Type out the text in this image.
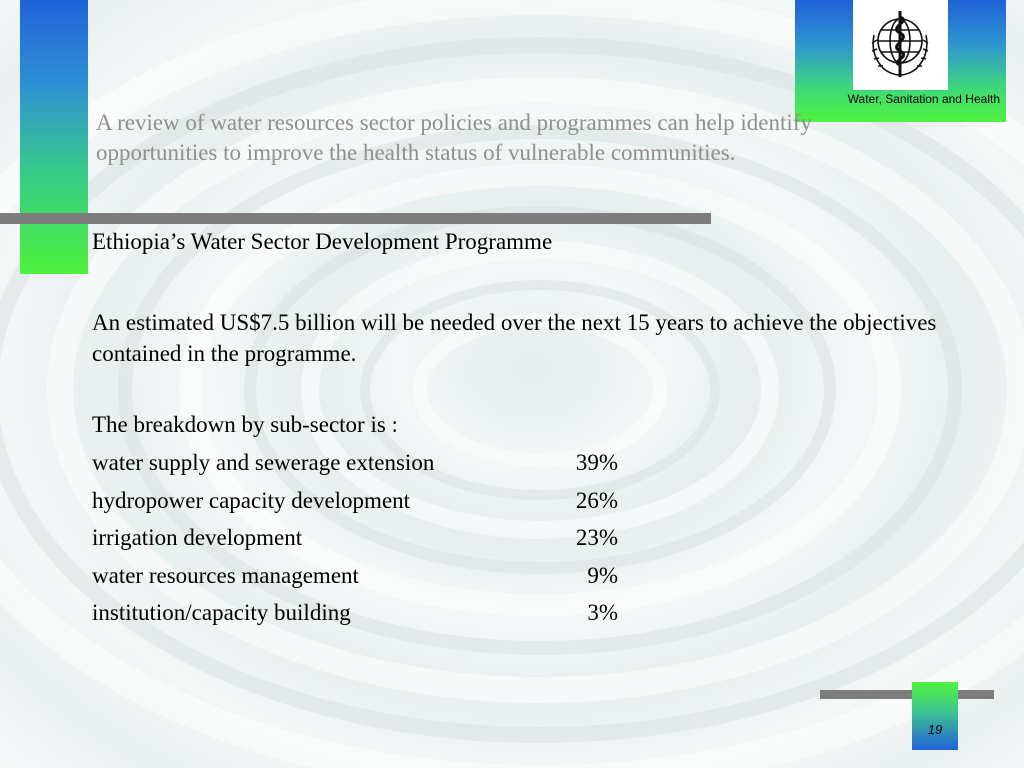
Water, Sanitation and Health
A review of water resources sector policies and programmes can help identify opportunities to improve the health status of vulnerable communities.
Ethiopia’s Water Sector Development Programme
An estimated US$7.5 billion will be needed over the next 15 years to achieve the objectives contained in the programme.
The breakdown by sub-sector is :
water supply and sewerage extension	39%
hydropower capacity development	26%
irrigation development	23%
water resources management	9%
institution/capacity building	3%
19
